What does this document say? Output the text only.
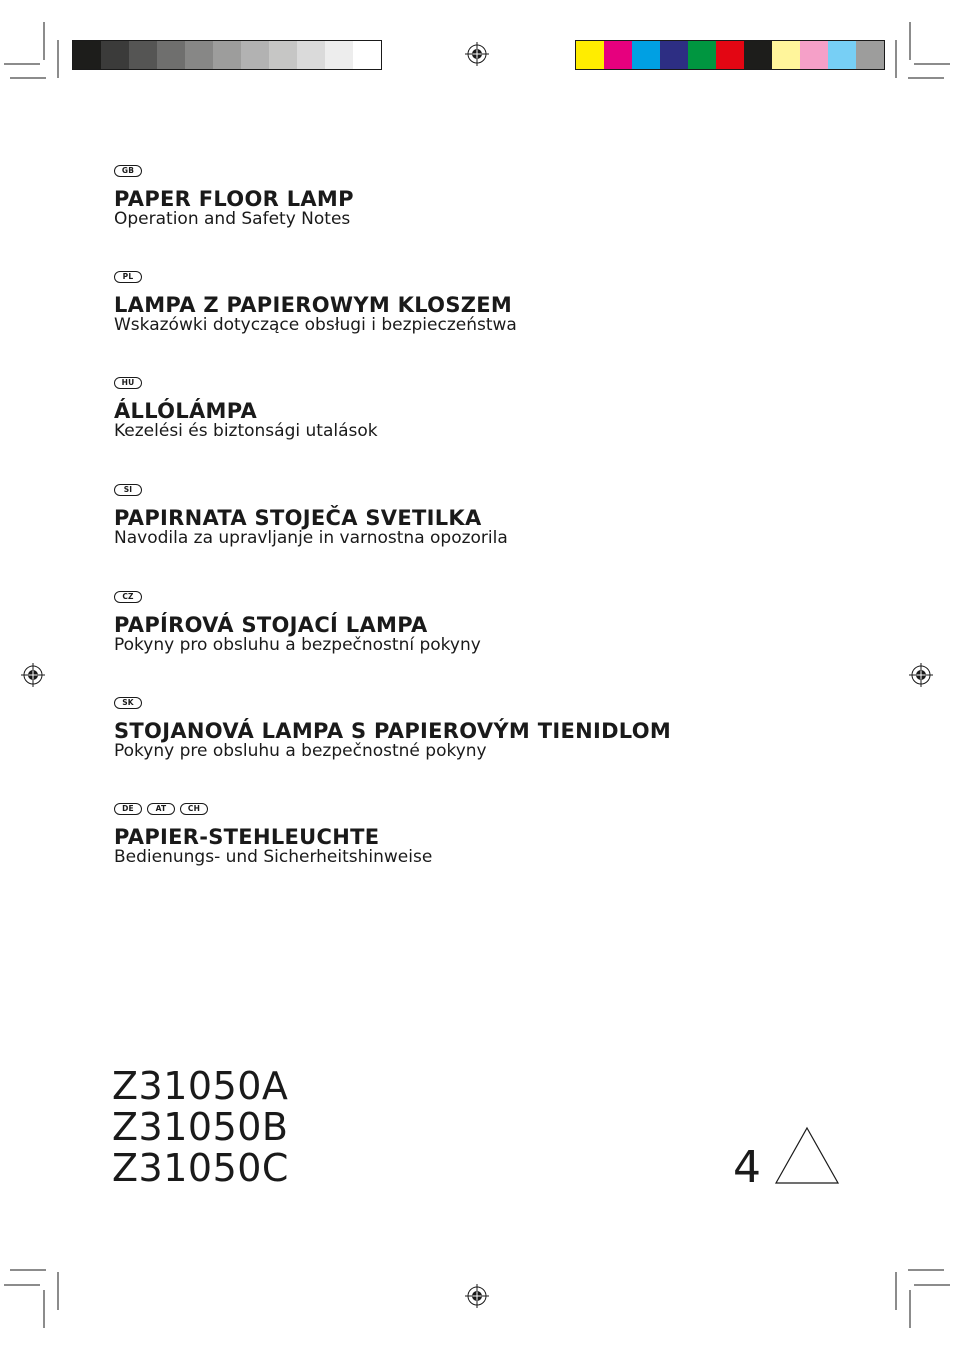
GB
PAPER FLOOR LAMP
Operation and Safety Notes
PL
LAMPA Z PAPIEROWYM KLOSZEM
Wskazówki dotyczące obsługi i bezpieczeństwa
HU
ÁLLÓLÁMPA
Kezelési és biztonsági utalások
SI
PAPIRNATA STOJEČA SVETILKA
Navodila za upravljanje in varnostna opozorila
CZ
PAPÍROVÁ STOJACÍ LAMPA
Pokyny pro obsluhu a bezpečnostní pokyny
SK
STOJANOVÁ LAMPA S PAPIEROVÝM TIENIDLOM
Pokyny pre obsluhu a bezpečnostné pokyny
DE	AT	CH
PAPIER-STEHLEUCHTE
Bedienungs- und Sicherheitshinweise
Z31050A
Z31050B
Z31050C	4
